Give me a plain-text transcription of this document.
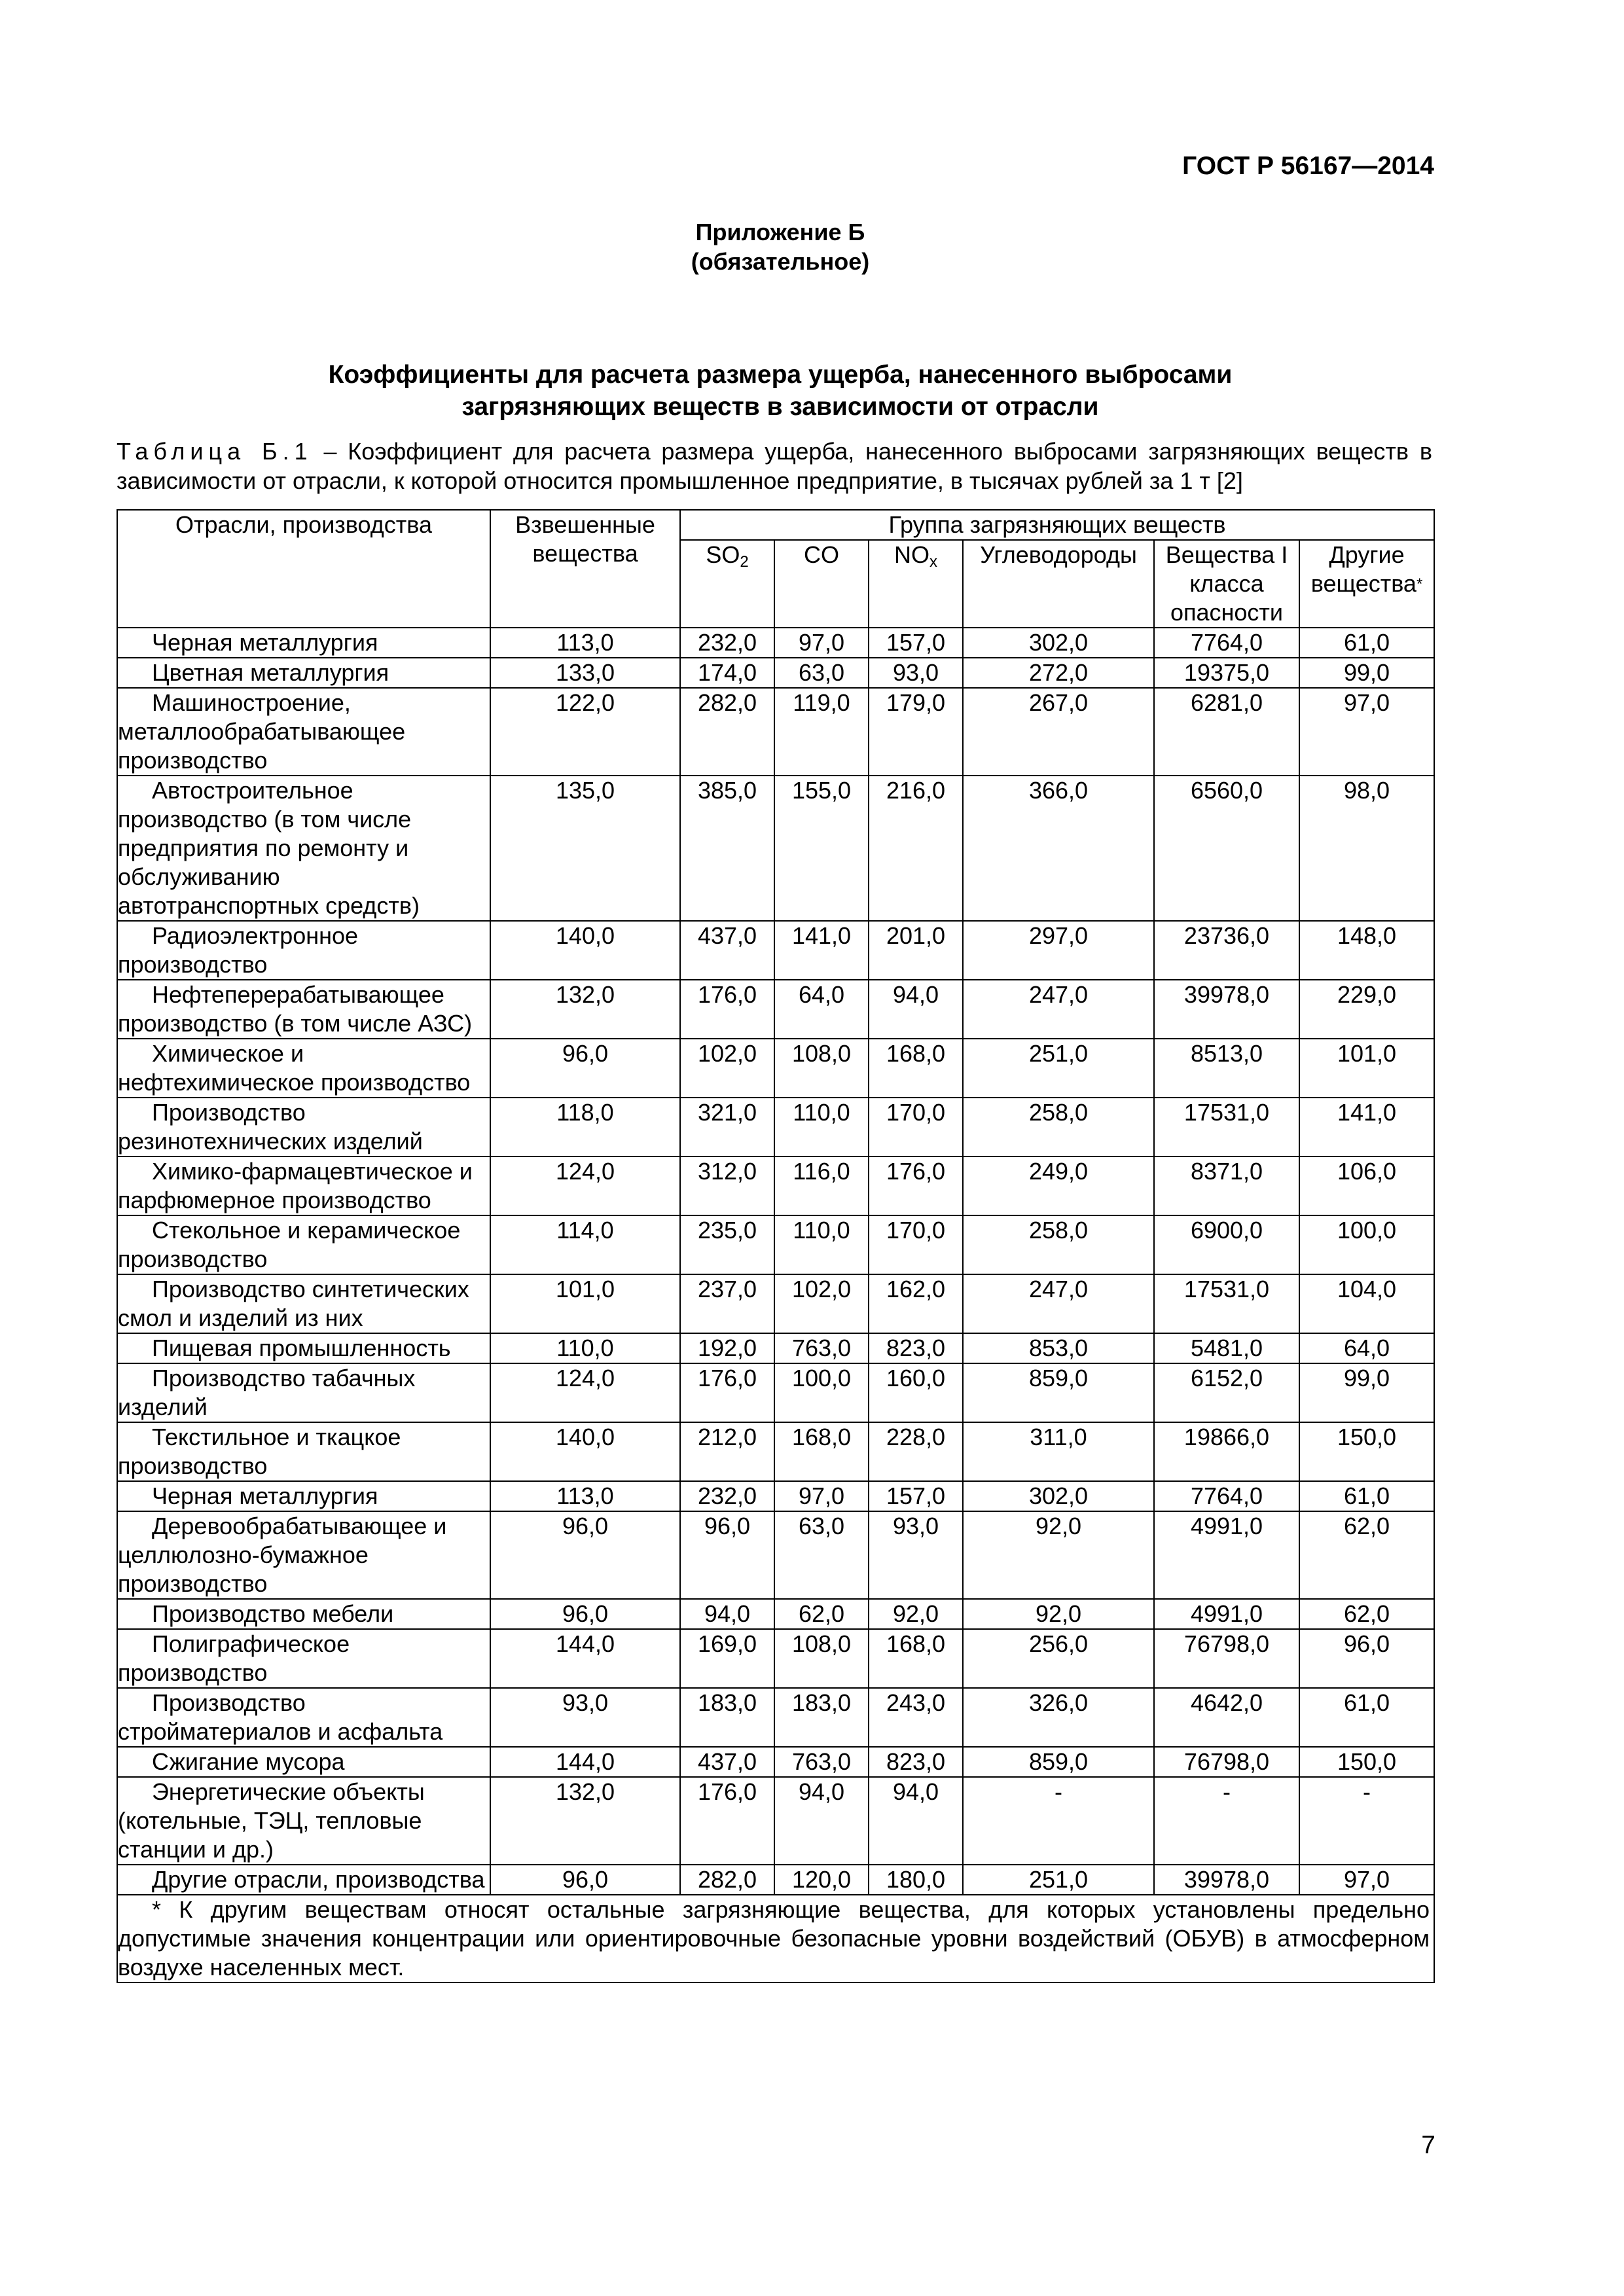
ГОСТ Р 56167—2014
Приложение Б
(обязательное)
Коэффициенты для расчета размера ущерба, нанесенного выбросами
загрязняющих веществ в зависимости от отрасли
Таблица Б.1 – Коэффициент для расчета размера ущерба, нанесенного выбросами загрязняющих веществ в зависимости от отрасли, к которой относится промышленное предприятие, в тысячах рублей за 1 т [2]
Отрасли, производства	Взвешенные вещества	Группа загрязняющих веществ					
		$SO_2$	CO	$NO_x$	Углеводороды	Вещества I класса опасности	Другие вещества*
Черная металлургия	113,0	232,0	97,0	157,0	302,0	7764,0	61,0
Цветная металлургия	133,0	174,0	63,0	93,0	272,0	19375,0	99,0
Машиностроение, металлообрабатывающее производство	122,0	282,0	119,0	179,0	267,0	6281,0	97,0
Автостроительное производство (в том числе предприятия по ремонту и обслуживанию автотранспортных средств)	135,0	385,0	155,0	216,0	366,0	6560,0	98,0
Радиоэлектронное производство	140,0	437,0	141,0	201,0	297,0	23736,0	148,0
Нефтеперерабатывающее производство (в том числе АЗС)	132,0	176,0	64,0	94,0	247,0	39978,0	229,0
Химическое и нефтехимическое производство	96,0	102,0	108,0	168,0	251,0	8513,0	101,0
Производство резинотехнических изделий	118,0	321,0	110,0	170,0	258,0	17531,0	141,0
Химико-фармацевтическое и парфюмерное производство	124,0	312,0	116,0	176,0	249,0	8371,0	106,0
Стекольное и керамическое производство	114,0	235,0	110,0	170,0	258,0	6900,0	100,0
Производство синтетических смол и изделий из них	101,0	237,0	102,0	162,0	247,0	17531,0	104,0
Пищевая промышленность	110,0	192,0	763,0	823,0	853,0	5481,0	64,0
Производство табачных изделий	124,0	176,0	100,0	160,0	859,0	6152,0	99,0
Текстильное и ткацкое производство	140,0	212,0	168,0	228,0	311,0	19866,0	150,0
Черная металлургия	113,0	232,0	97,0	157,0	302,0	7764,0	61,0
Деревообрабатывающее и целлюлозно-бумажное производство	96,0	96,0	63,0	93,0	92,0	4991,0	62,0
Производство мебели	96,0	94,0	62,0	92,0	92,0	4991,0	62,0
Полиграфическое производство	144,0	169,0	108,0	168,0	256,0	76798,0	96,0
Производство стройматериалов и асфальта	93,0	183,0	183,0	243,0	326,0	4642,0	61,0
Сжигание мусора	144,0	437,0	763,0	823,0	859,0	76798,0	150,0
Энергетические объекты (котельные, ТЭЦ, тепловые станции и др.)	132,0	176,0	94,0	94,0	-	-	-
Другие отрасли, производства	96,0	282,0	120,0	180,0	251,0	39978,0	97,0
* К другим веществам относят остальные загрязняющие вещества, для которых установлены предельно допустимые значения концентрации или ориентировочные безопасные уровни воздействий (ОБУВ) в атмосферном воздухе населенных мест.							
7
